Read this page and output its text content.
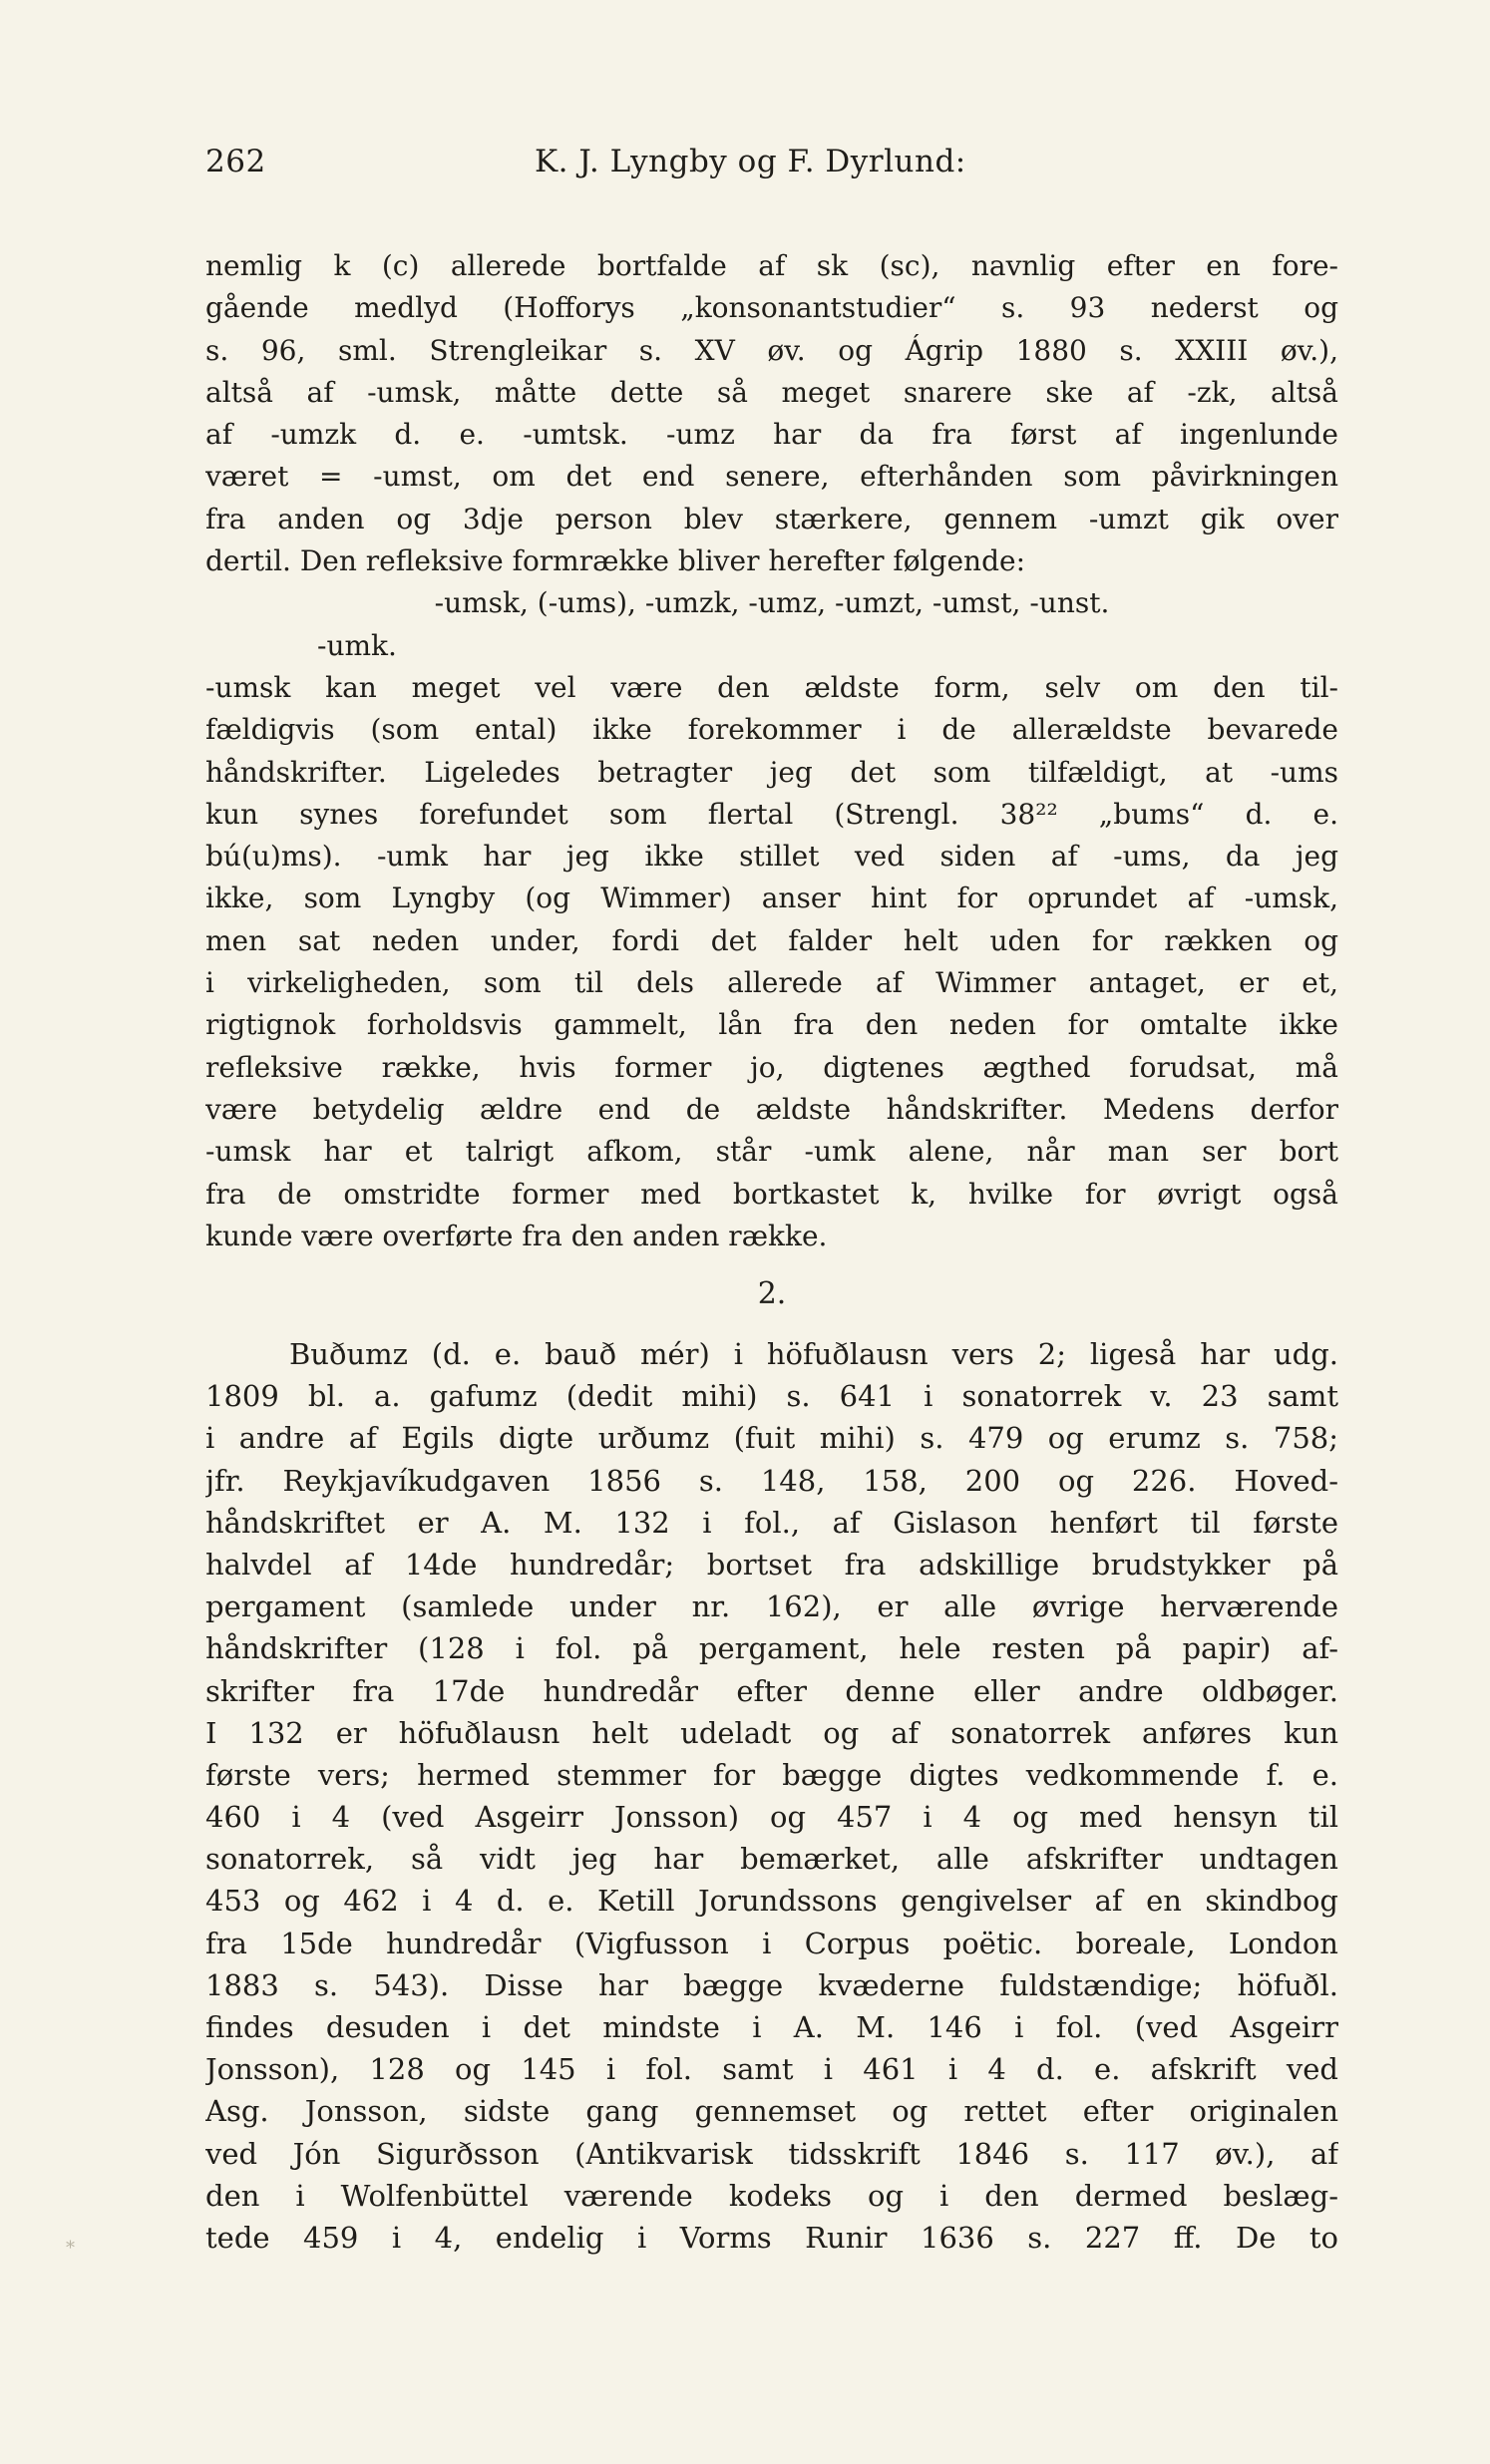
262	K. J. Lyngby og F. Dyrlund:
nemlig k (c) allerede bortfalde af sk (sc), navnlig efter en fore-
gående medlyd (Hofforys „konsonantstudier“ s. 93 nederst og
s. 96, sml. Strengleikar s. XV øv. og Ágrip 1880 s. XXIII øv.),
altså af -umsk, måtte dette så meget snarere ske af -zk, altså
af -umzk d. e. -umtsk. -umz har da fra først af ingenlunde
været = -umst, om det end senere, efterhånden som påvirkningen
fra anden og 3dje person blev stærkere, gennem -umzt gik over
dertil. Den refleksive formrække bliver herefter følgende:
-umsk, (-ums), -umzk, -umz, -umzt, -umst, -unst.
-umk.
-umsk kan meget vel være den ældste form, selv om den til-
fældigvis (som ental) ikke forekommer i de allerældste bevarede
håndskrifter. Ligeledes betragter jeg det som tilfældigt, at -ums
kun synes forefundet som flertal (Strengl. 38²² „bums“ d. e.
bú(u)ms). -umk har jeg ikke stillet ved siden af -ums, da jeg
ikke, som Lyngby (og Wimmer) anser hint for oprundet af -umsk,
men sat neden under, fordi det falder helt uden for rækken og
i virkeligheden, som til dels allerede af Wimmer antaget, er et,
rigtignok forholdsvis gammelt, lån fra den neden for omtalte ikke
refleksive række, hvis former jo, digtenes ægthed forudsat, må
være betydelig ældre end de ældste håndskrifter. Medens derfor
-umsk har et talrigt afkom, står -umk alene, når man ser bort
fra de omstridte former med bortkastet k, hvilke for øvrigt også
kunde være overførte fra den anden række.
2.
Buðumz (d. e. bauð mér) i höfuðlausn vers 2; ligeså har udg.
1809 bl. a. gafumz (dedit mihi) s. 641 i sonatorrek v. 23 samt
i andre af Egils digte urðumz (fuit mihi) s. 479 og erumz s. 758;
jfr. Reykjavíkudgaven 1856 s. 148, 158, 200 og 226. Hoved-
håndskriftet er A. M. 132 i fol., af Gislason henført til første
halvdel af 14de hundredår; bortset fra adskillige brudstykker på
pergament (samlede under nr. 162), er alle øvrige herværende
håndskrifter (128 i fol. på pergament, hele resten på papir) af-
skrifter fra 17de hundredår efter denne eller andre oldbøger.
I 132 er höfuðlausn helt udeladt og af sonatorrek anføres kun
første vers; hermed stemmer for bægge digtes vedkommende f. e.
460 i 4 (ved Asgeirr Jonsson) og 457 i 4 og med hensyn til
sonatorrek, så vidt jeg har bemærket, alle afskrifter undtagen
453 og 462 i 4 d. e. Ketill Jorundssons gengivelser af en skindbog
fra 15de hundredår (Vigfusson i Corpus poëtic. boreale, London
1883 s. 543). Disse har bægge kvæderne fuldstændige; höfuðl.
findes desuden i det mindste i A. M. 146 i fol. (ved Asgeirr
Jonsson), 128 og 145 i fol. samt i 461 i 4 d. e. afskrift ved
Asg. Jonsson, sidste gang gennemset og rettet efter originalen
ved Jón Sigurðsson (Antikvarisk tidsskrift 1846 s. 117 øv.), af
den i Wolfenbüttel værende kodeks og i den dermed beslæg-
tede 459 i 4, endelig i Vorms Runir 1636 s. 227 ff. De to
*
